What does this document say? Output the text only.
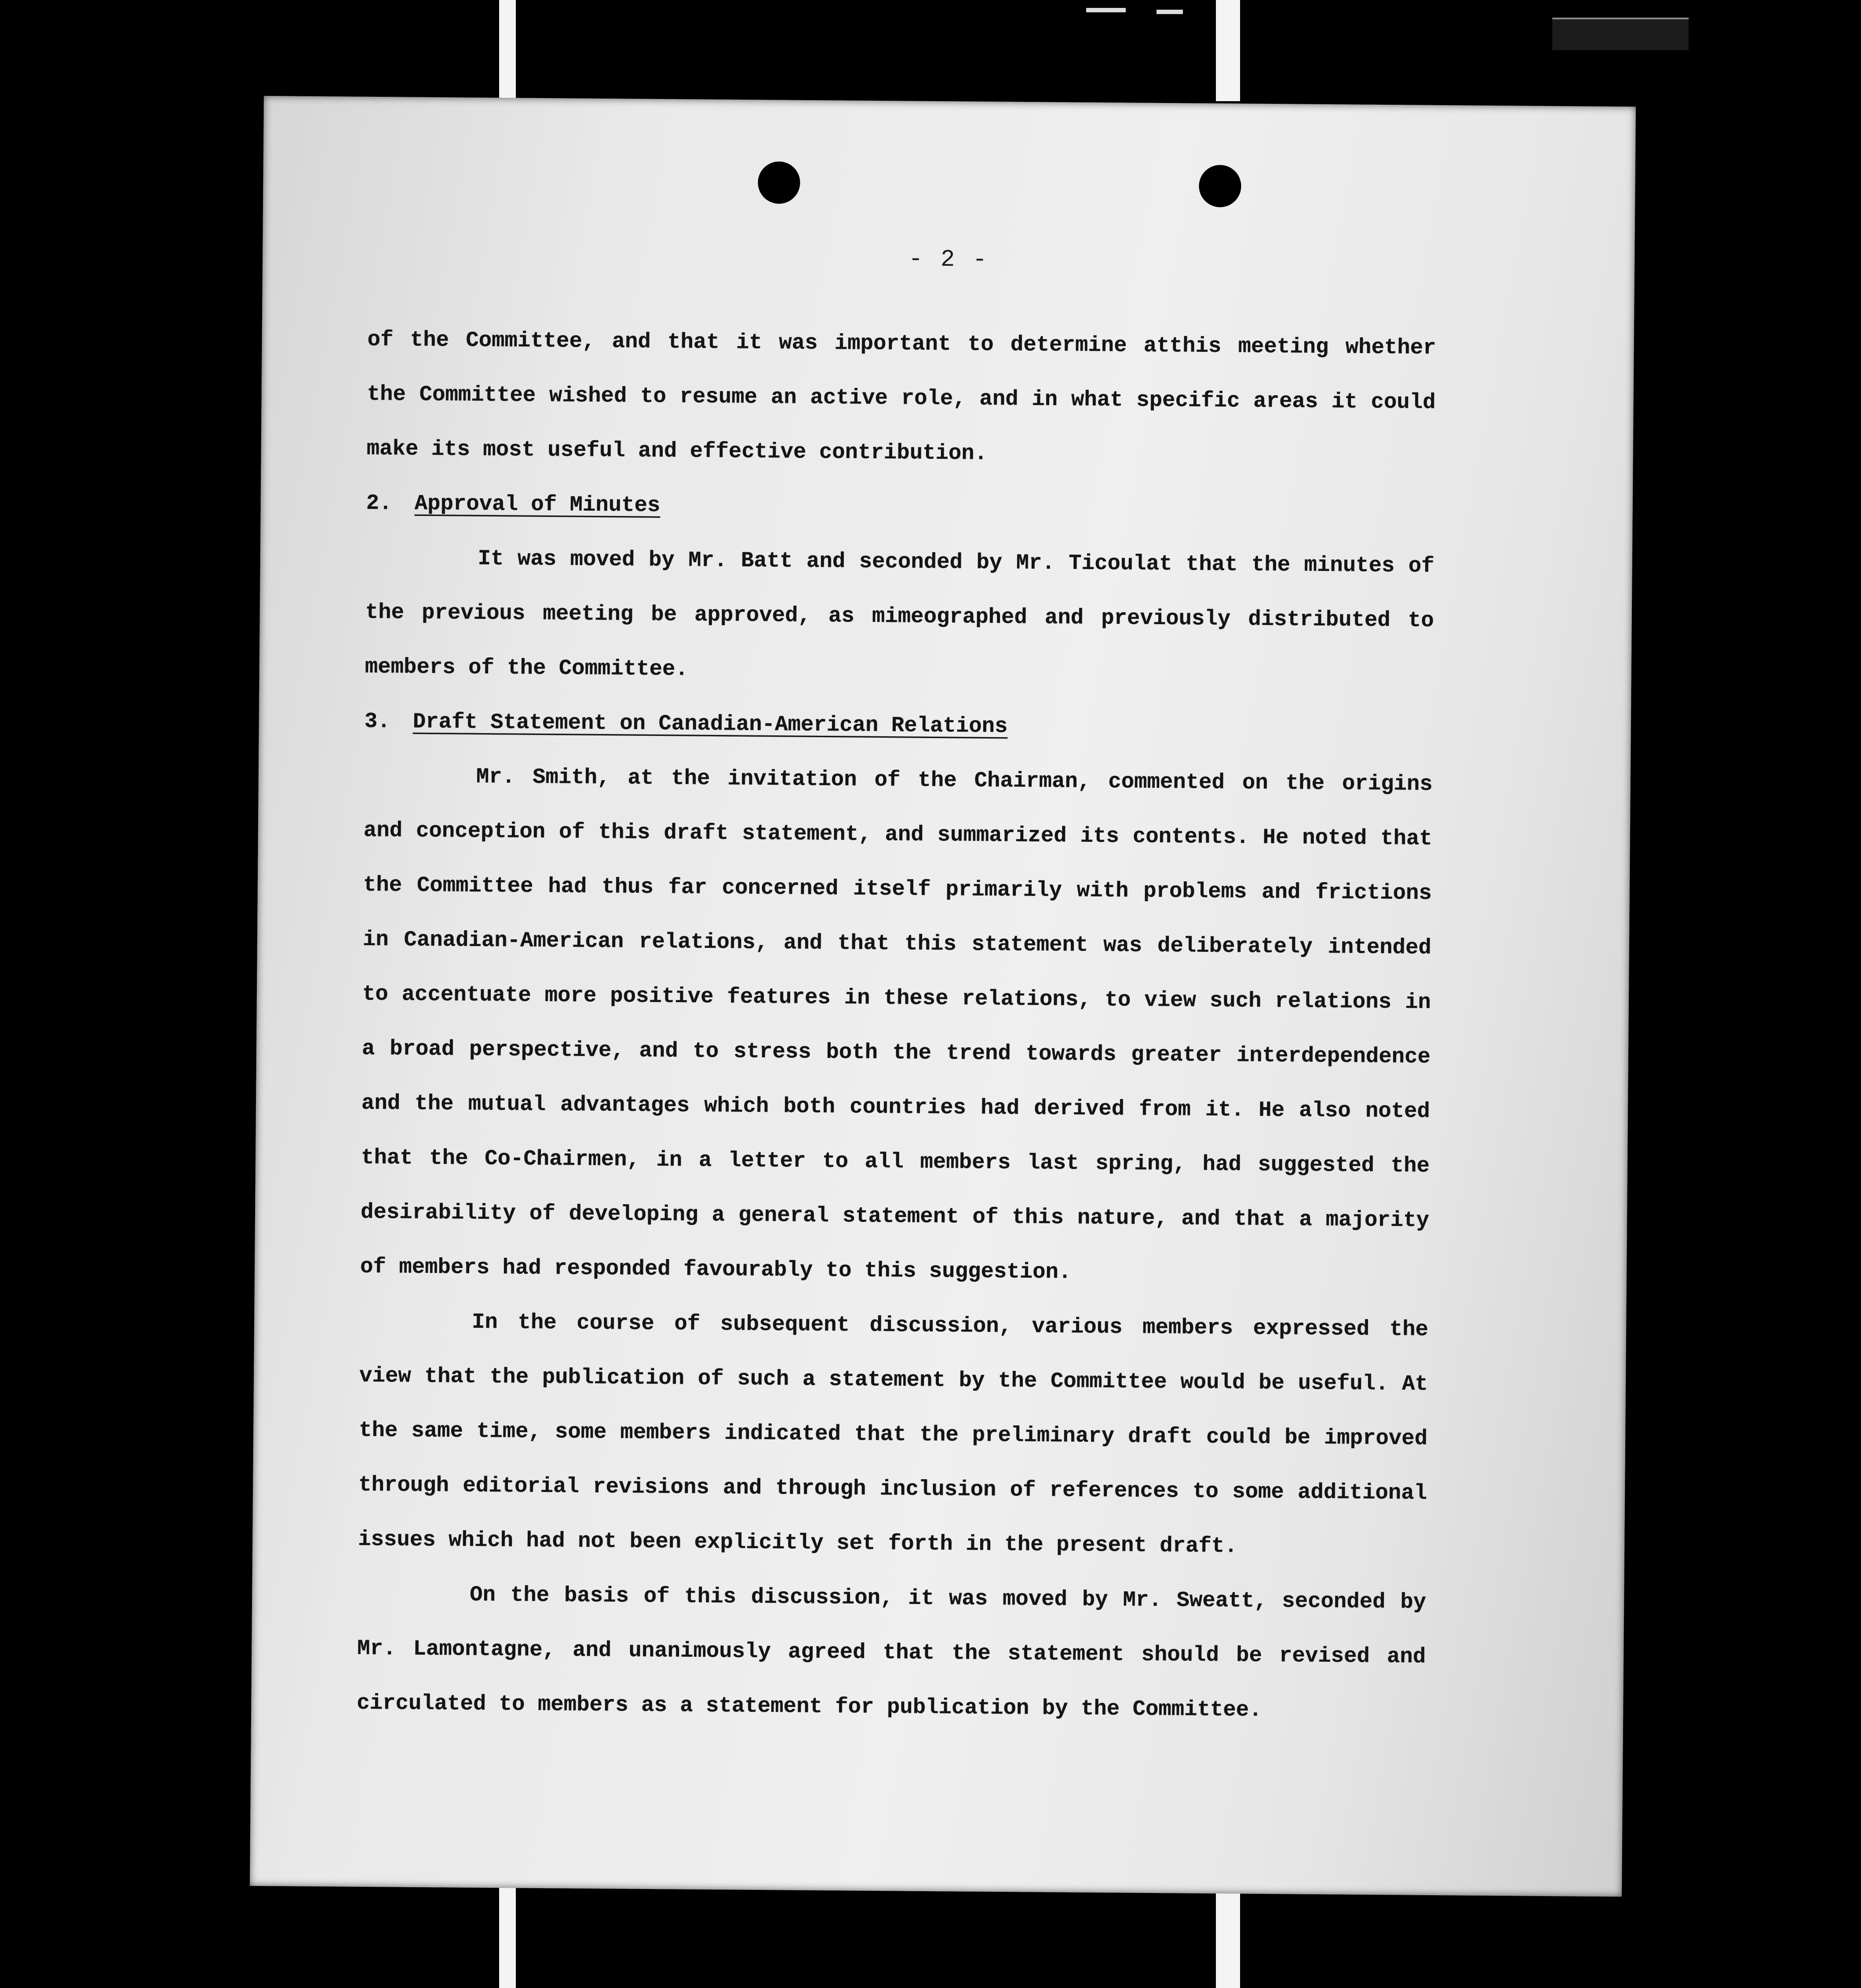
- 2 -

of the Committee, and that it was important to determine atthis meeting whether the Committee wished to resume an active role, and in what specific areas it could make its most useful and effective contribution.

2. Approval of Minutes

It was moved by Mr. Batt and seconded by Mr. Ticoulat that the minutes of the previous meeting be approved, as mimeographed and previously distributed to members of the Committee.

3. Draft Statement on Canadian-American Relations

Mr. Smith, at the invitation of the Chairman, commented on the origins and conception of this draft statement, and summarized its contents. He noted that the Committee had thus far concerned itself primarily with problems and frictions in Canadian-American relations, and that this statement was deliberately intended to accentuate more positive features in these relations, to view such relations in a broad perspective, and to stress both the trend towards greater interdependence and the mutual advantages which both countries had derived from it. He also noted that the Co-Chairmen, in a letter to all members last spring, had suggested the desirability of developing a general statement of this nature, and that a majority of members had responded favourably to this suggestion.

In the course of subsequent discussion, various members expressed the view that the publication of such a statement by the Committee would be useful. At the same time, some members indicated that the preliminary draft could be improved through editorial revisions and through inclusion of references to some additional issues which had not been explicitly set forth in the present draft.

On the basis of this discussion, it was moved by Mr. Sweatt, seconded by Mr. Lamontagne, and unanimously agreed that the statement should be revised and circulated to members as a statement for publication by the Committee.
